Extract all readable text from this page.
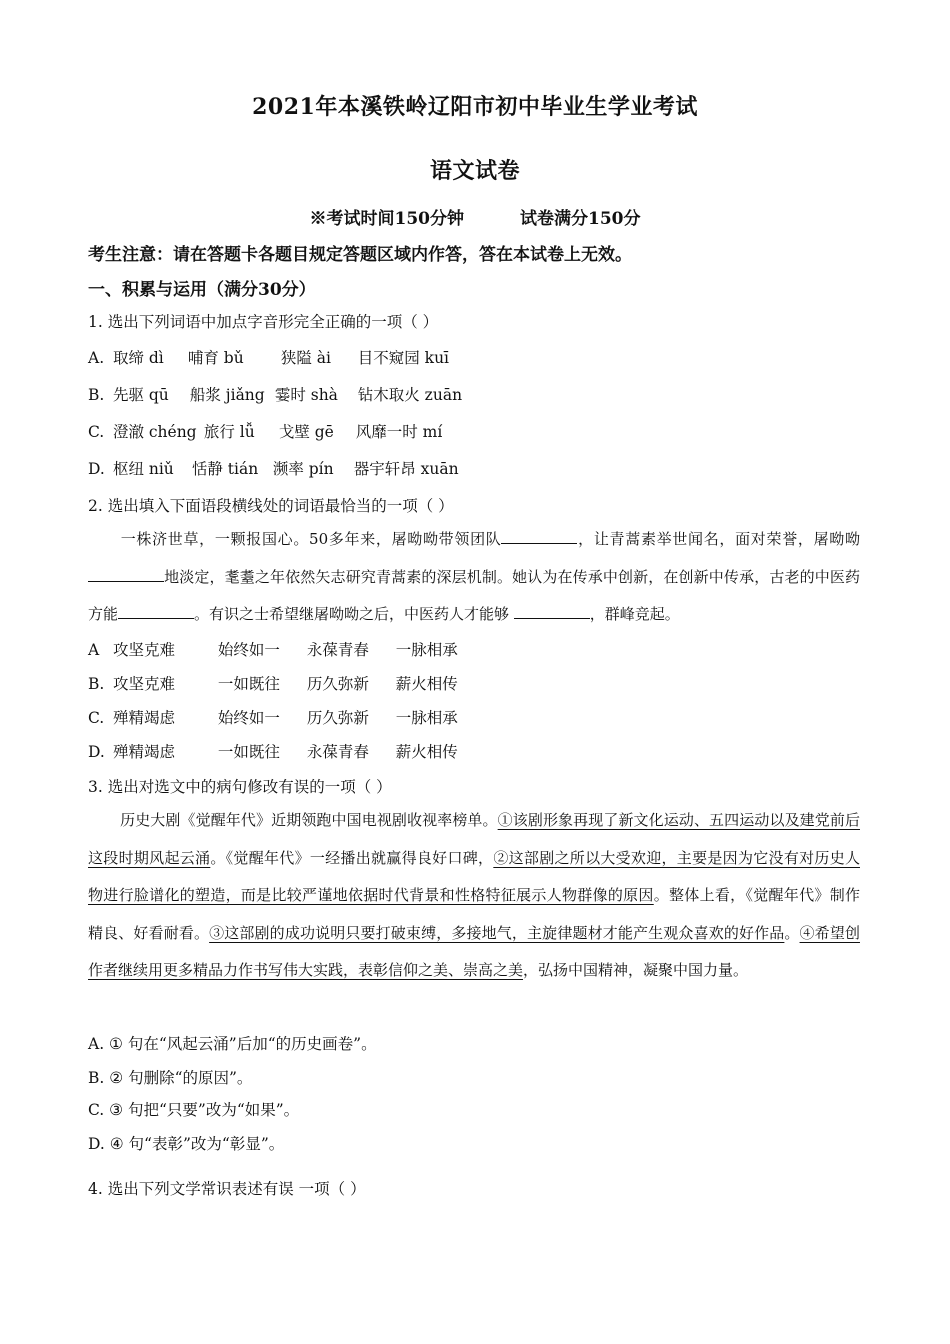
2021年本溪铁岭辽阳市初中毕业生学业考试
语文试卷
※考试时间150分钟	试卷满分150分
考生注意：请在答题卡各题目规定答题区域内作答，答在本试卷上无效。
一、积累与运用（满分30分）
1. 选出下列词语中加点字音形完全正确的一项（ ）
A. 取缔 dì 哺育 bǔ 狭隘 ài 目不窥园 kuī
B. 先驱 qū 船浆 jiǎng 霎时 shà 钻木取火 zuān
C. 澄澈 chéng 旅行 lǚ 戈壁 gē 风靡一时 mí
D. 枢纽 niǔ 恬静 tián 濒率 pín 器宇轩昂 xuān
2. 选出填入下面语段横线处的词语最恰当的一项（ ）
一株济世草，一颗报国心。50多年来，屠呦呦带领团队	，让青蒿素举世闻名，面对荣誉，屠呦呦地淡定，耄耋之年依然矢志研究青蒿素的深层机制。她认为在传承中创新，在创新中传承，古老的中医药方能	。有识之士希望继屠呦呦之后，中医药人才能够	，群峰竞起。
A 攻坚克难	始终如一 永葆青春 一脉相承
B. 攻坚克难	一如既往 历久弥新 薪火相传
C. 殚精竭虑	始终如一 历久弥新 一脉相承
D. 殚精竭虑	一如既往 永葆青春 薪火相传
3. 选出对选文中的病句修改有误的一项（ ）
历史大剧《觉醒年代》近期领跑中国电视剧收视率榜单。①该剧形象再现了新文化运动、五四运动以及建党前后这段时期风起云涌。《觉醒年代》一经播出就赢得良好口碑，②这部剧之所以大受欢迎，主要是因为它没有对历史人物进行脸谱化的塑造，而是比较严谨地依据时代背景和性格特征展示人物群像的原因。整体上看，《觉醒年代》制作精良、好看耐看。③这部剧的成功说明只要打破束缚，多接地气，主旋律题材才能产生观众喜欢的好作品。④希望创作者继续用更多精品力作书写伟大实践，表彰信仰之美、崇高之美，弘扬中国精神，凝聚中国力量。
A. ① 句在“风起云涌”后加“的历史画卷”。
B. ② 句删除“的原因”。
C. ③ 句把“只要”改为“如果”。
D. ④ 句“表彰”改为“彰显”。
4. 选出下列文学常识表述有误 一项（ ）
